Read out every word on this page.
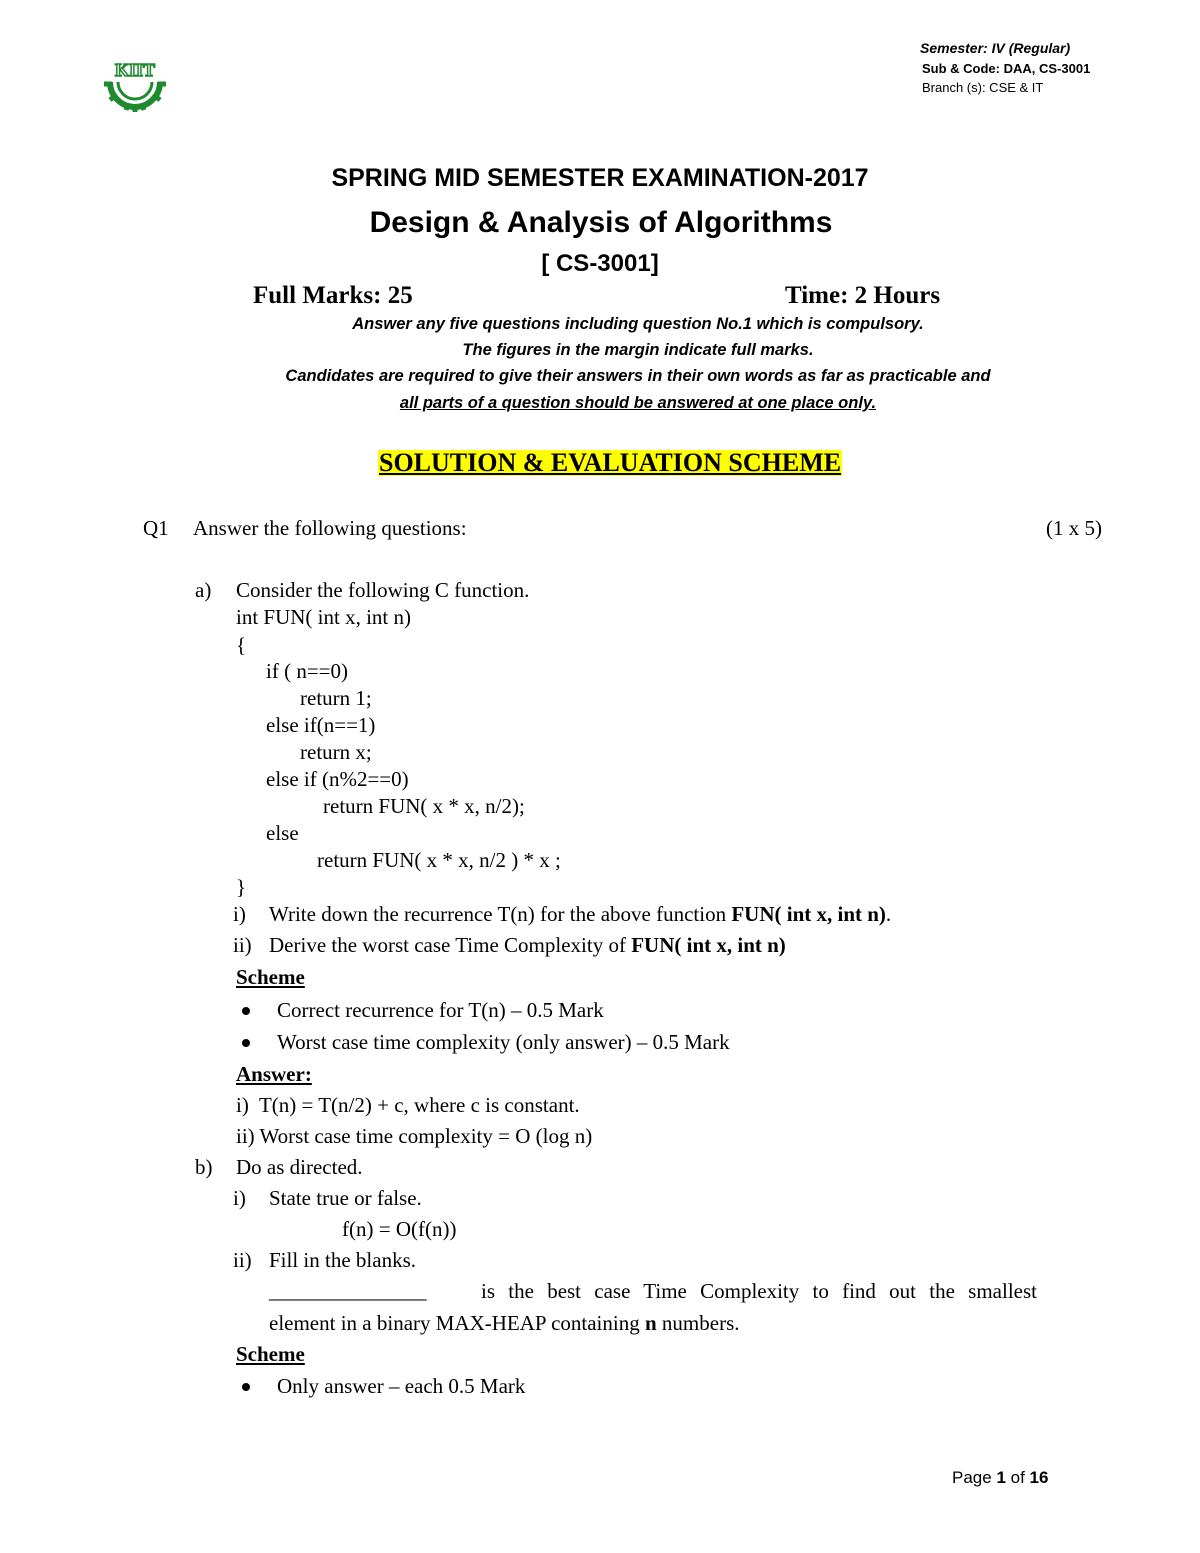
KIIT
Semester: IV (Regular)
Sub & Code: DAA, CS-3001
Branch (s): CSE & IT
SPRING MID SEMESTER EXAMINATION-2017
Design & Analysis of Algorithms
[ CS-3001]
Full Marks: 25	Time: 2 Hours
Answer any five questions including question No.1 which is compulsory.
The figures in the margin indicate full marks.
Candidates are required to give their answers in their own words as far as practicable and
all parts of a question should be answered at one place only.
SOLUTION & EVALUATION SCHEME
Q1 Answer the following questions:	(1 x 5)
a) Consider the following C function.
int FUN( int x, int n)
{
if ( n==0)
return 1;
else if(n==1)
return x;
else if (n%2==0)
return FUN( x * x, n/2);
else
return FUN( x * x, n/2 ) * x ;
}
i) Write down the recurrence T(n) for the above function FUN( int x, int n).
ii) Derive the worst case Time Complexity of FUN( int x, int n)
Scheme
Correct recurrence for T(n) – 0.5 Mark
Worst case time complexity (only answer) – 0.5 Mark
Answer:
i)  T(n) = T(n/2) + c, where c is constant.
ii) Worst case time complexity = O (log n)
b) Do as directed.
i) State true or false.
f(n) = O(f(n))
ii) Fill in the blanks.
_______________	is the best case Time Complexity to find out the smallest
element in a binary MAX-HEAP containing n numbers.
Scheme
Only answer – each 0.5 Mark
Page 1 of 16
